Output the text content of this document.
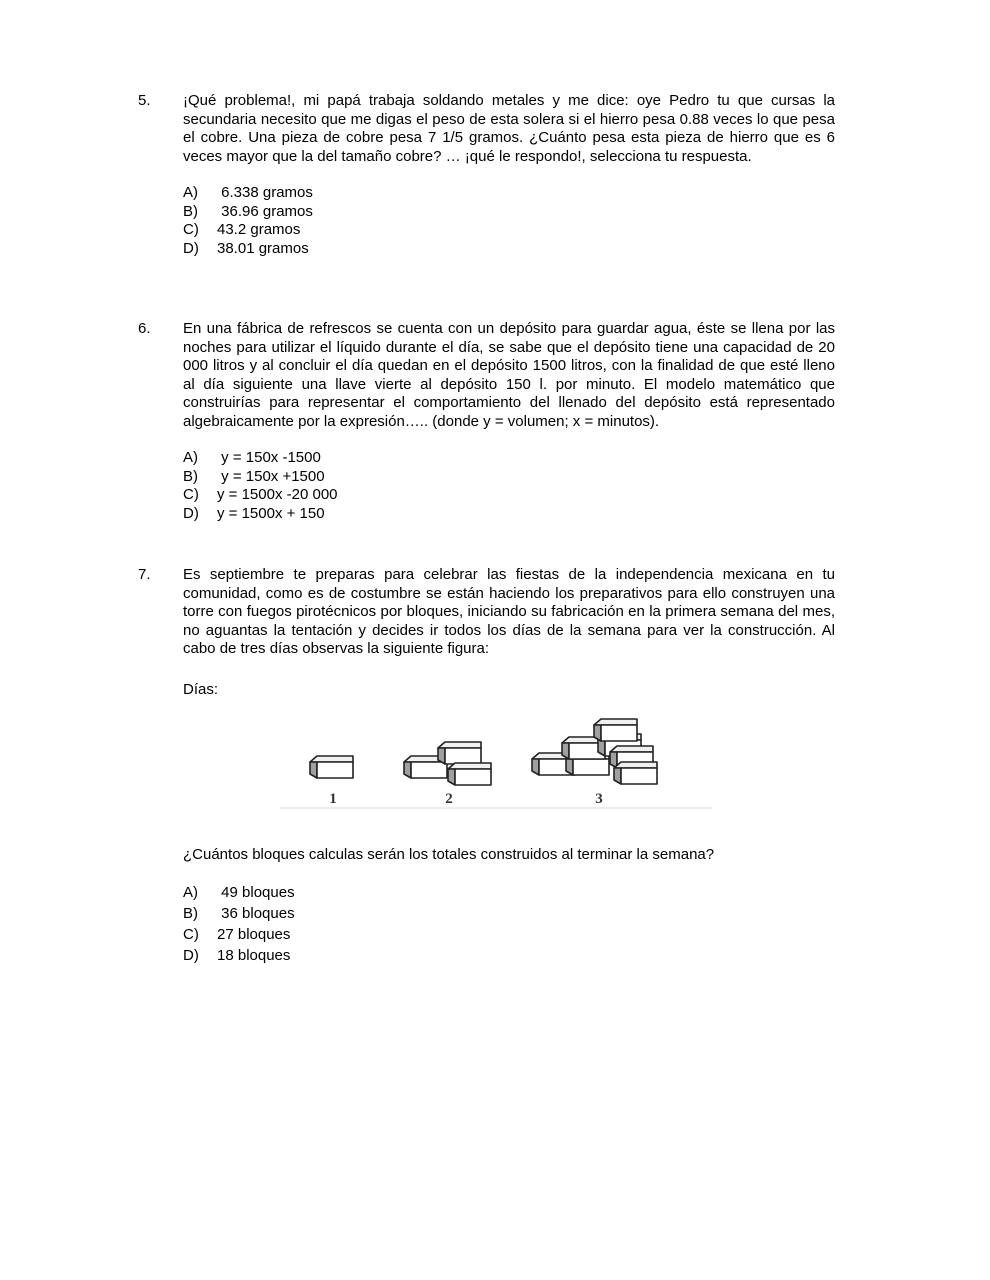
5. ¡Qué problema!, mi papá trabaja soldando metales y me dice: oye Pedro tu que cursas la secundaria necesito que me digas el peso de esta solera si el hierro pesa 0.88 veces lo que pesa el cobre. Una pieza de cobre pesa 7 1/5 gramos. ¿Cuánto pesa esta pieza de hierro que es 6 veces mayor que la del tamaño cobre? … ¡qué le respondo!, selecciona tu respuesta.

A) 6.338 gramos
B) 36.96 gramos
C) 43.2 gramos
D) 38.01 gramos
6. En una fábrica de refrescos se cuenta con un depósito para guardar agua, éste se llena por las noches para utilizar el líquido durante el día, se sabe que el depósito tiene una capacidad de 20 000 litros y al concluir el día quedan en el depósito 1500 litros, con la finalidad de que esté lleno al día siguiente una llave vierte al depósito 150 l. por minuto. El modelo matemático que construirías para representar el comportamiento del llenado del depósito está representado algebraicamente por la expresión….. (donde y = volumen; x = minutos).

A) y = 150x -1500
B) y = 150x +1500
C) y = 1500x -20 000
D) y = 1500x + 150
7. Es septiembre te preparas para celebrar las fiestas de la independencia mexicana en tu comunidad, como es de costumbre se están haciendo los preparativos para ello construyen una torre con fuegos pirotécnicos por bloques, iniciando su fabricación en la primera semana del mes, no aguantas la tentación y decides ir todos los días de la semana para ver la construcción. Al cabo de tres días observas la siguiente figura:

Días:

1	2	3

¿Cuántos bloques calculas serán los totales construidos al terminar la semana?

A) 49 bloques
B) 36 bloques
C) 27 bloques
D) 18 bloques
